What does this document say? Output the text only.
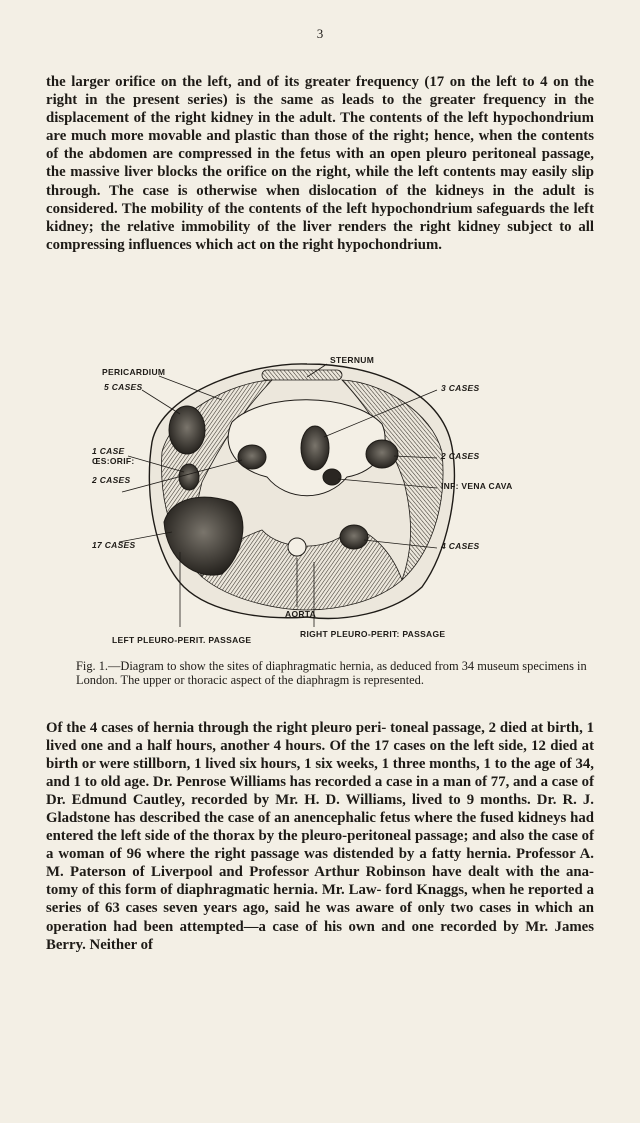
3

the larger orifice on the left, and of its greater frequency (17 on the left to 4 on the right in the present series) is the same as leads to the greater frequency in the displacement of the right kidney in the adult. The contents of the left hypochondrium are much more movable and plastic than those of the right; hence, when the contents of the abdomen are compressed in the fetus with an open pleuro peritoneal passage, the massive liver blocks the orifice on the right, while the left contents may easily slip through. The case is otherwise when dislocation of the kidneys in the adult is considered. The mobility of the contents of the left hypochondrium safeguards the left kidney; the relative immobility of the liver renders the right kidney subject to all compressing influences which act on the right hypochondrium.

PERICARDIUM
STERNUM
5 CASES
1 CASE
ŒS:ORIF:
2 CASES
17 CASES
3 CASES
2 CASES
INF: VENA CAVA
4 CASES
AORTA
LEFT PLEURO-PERIT. PASSAGE
RIGHT PLEURO-PERIT: PASSAGE

Fig. 1.—Diagram to show the sites of diaphragmatic hernia, as deduced from 34 museum specimens in London. The upper or thoracic aspect of the diaphragm is represented.

Of the 4 cases of hernia through the right pleuro peri- toneal passage, 2 died at birth, 1 lived one and a half hours, another 4 hours. Of the 17 cases on the left side, 12 died at birth or were stillborn, 1 lived six hours, 1 six weeks, 1 three months, 1 to the age of 34, and 1 to old age. Dr. Penrose Williams has recorded a case in a man of 77, and a case of Dr. Edmund Cautley, recorded by Mr. H. D. Williams, lived to 9 months. Dr. R. J. Gladstone has described the case of an anencephalic fetus where the fused kidneys had entered the left side of the thorax by the pleuro-peritoneal passage; and also the case of a woman of 96 where the right passage was distended by a fatty hernia. Professor A. M. Paterson of Liverpool and Professor Arthur Robinson have dealt with the ana- tomy of this form of diaphragmatic hernia. Mr. Law- ford Knaggs, when he reported a series of 63 cases seven years ago, said he was aware of only two cases in which an operation had been attempted—a case of his own and one recorded by Mr. James Berry. Neither of
